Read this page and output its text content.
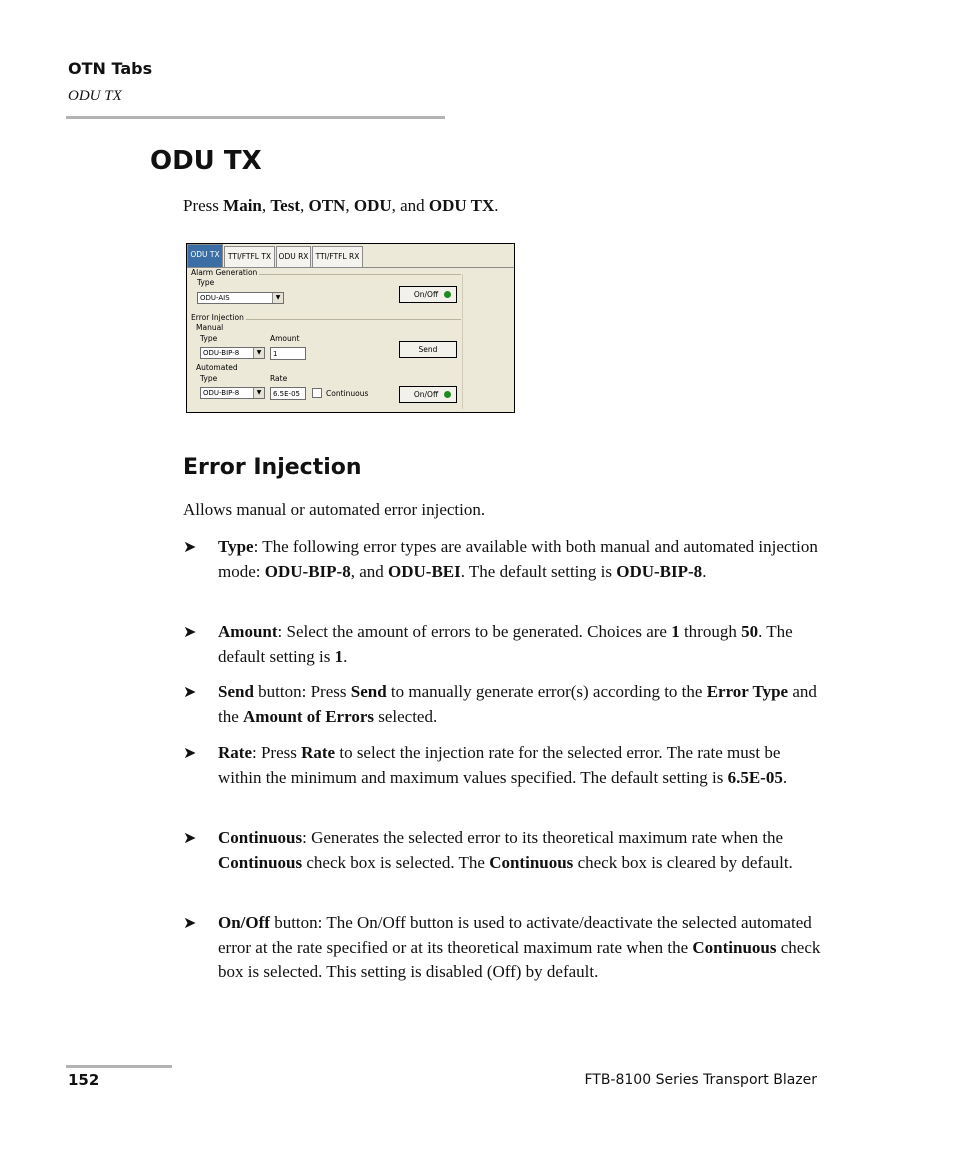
OTN Tabs
ODU TX
ODU TX
Press Main, Test, OTN, ODU, and ODU TX.
ODU TX	TTI/FTFL TX ODU RX TTI/FTFL RX
Alarm Generation
Type
ODU-AIS	▼	On/Off
Error Injection
Manual
Type	Amount
ODU-BIP-8	▼	1	Send
Automated
Type	Rate
ODU-BIP-8	▼	6.5E-05	Continuous	On/Off
Error Injection
Allows manual or automated error injection.
➤ Type: The following error types are available with both manual and automated injection mode: ODU-BIP-8, and ODU-BEI. The default setting is ODU-BIP-8.
➤ Amount: Select the amount of errors to be generated. Choices are 1 through 50. The default setting is 1.
➤ Send button: Press Send to manually generate error(s) according to the Error Type and the Amount of Errors selected.
➤ Rate: Press Rate to select the injection rate for the selected error. The rate must be within the minimum and maximum values specified. The default setting is 6.5E-05.
➤ Continuous: Generates the selected error to its theoretical maximum rate when the Continuous check box is selected. The Continuous check box is cleared by default.
➤ On/Off button: The On/Off button is used to activate/deactivate the selected automated error at the rate specified or at its theoretical maximum rate when the Continuous check box is selected. This setting is disabled (Off) by default.
152	FTB-8100 Series Transport Blazer
